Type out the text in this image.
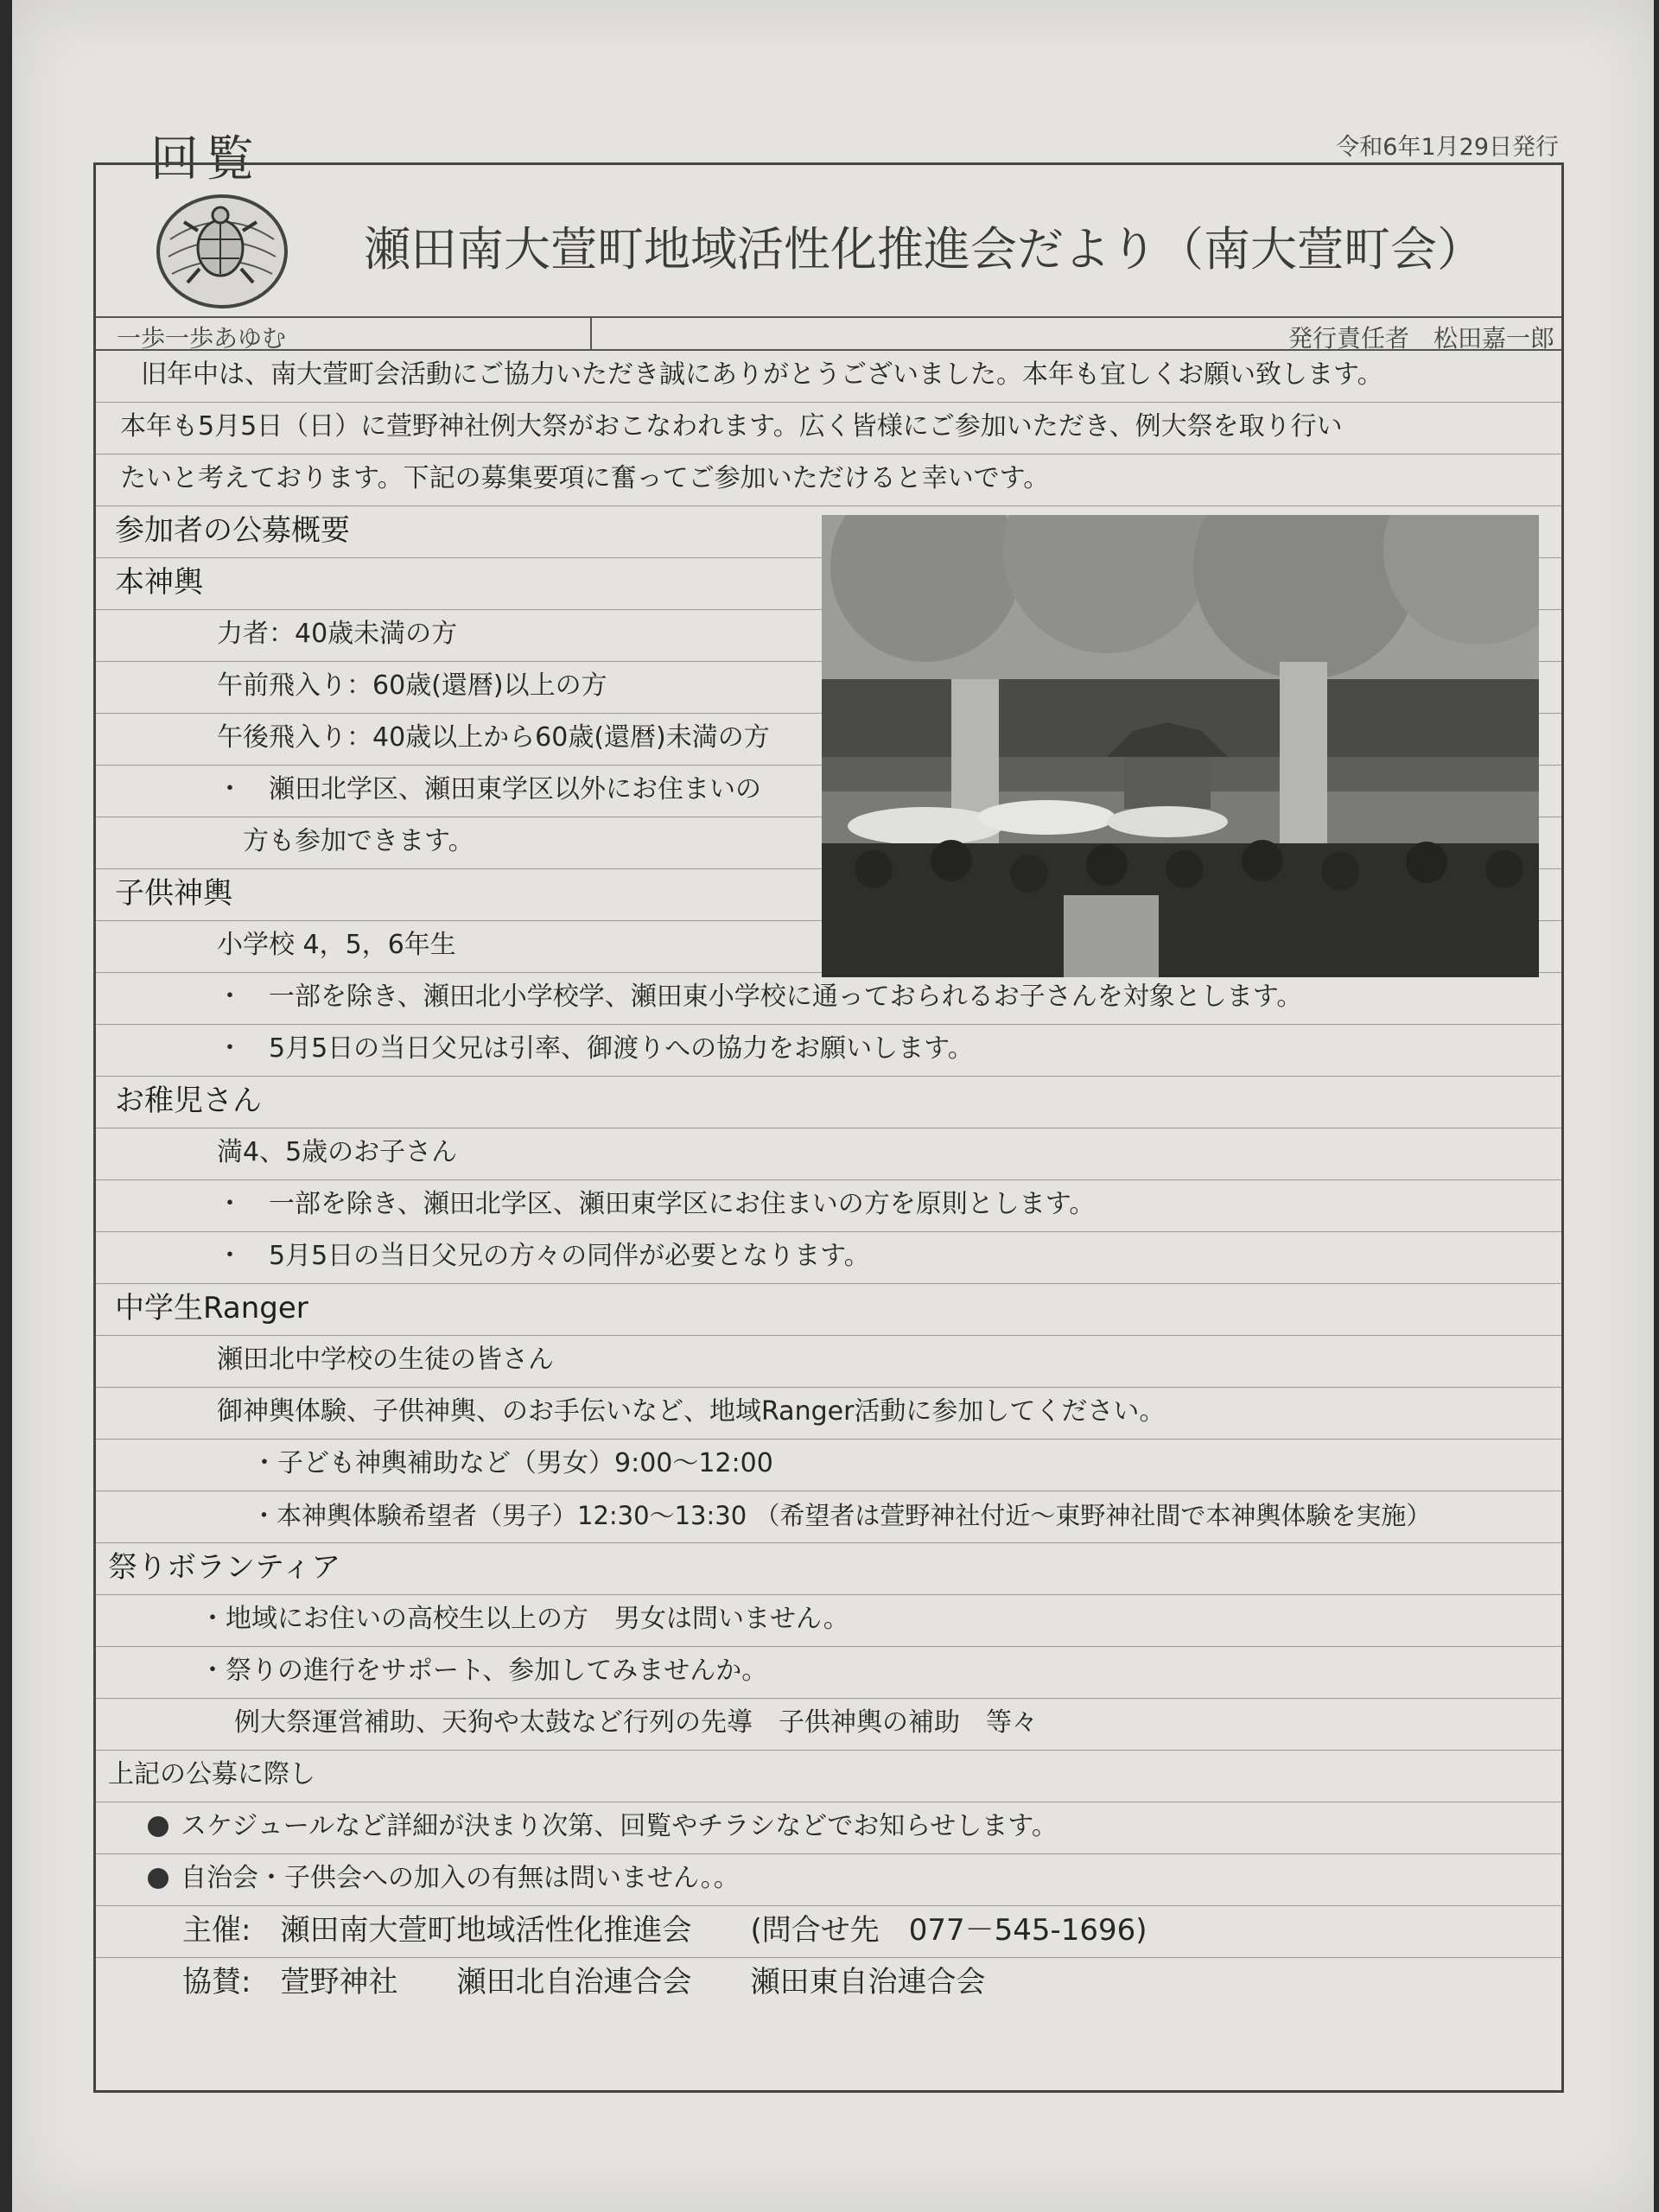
回覧	令和6年1月29日発行
瀬田南大萱町地域活性化推進会だより（南大萱町会）
一歩一歩あゆむ	発行責任者　松田嘉一郎
旧年中は、南大萱町会活動にご協力いただき誠にありがとうございました。本年も宜しくお願い致します。
本年も5月5日（日）に萱野神社例大祭がおこなわれます。広く皆様にご参加いただき、例大祭を取り行い
たいと考えております。下記の募集要項に奮ってご参加いただけると幸いです。
参加者の公募概要
本神輿
力者：40歳未満の方
午前飛入り：60歳(還暦)以上の方
午後飛入り：40歳以上から60歳(還暦)未満の方
・　瀬田北学区、瀬田東学区以外にお住まいの
方も参加できます。
子供神輿
小学校 4，5，6年生
・　一部を除き、瀬田北小学校学、瀬田東小学校に通っておられるお子さんを対象とします。
・　5月5日の当日父兄は引率、御渡りへの協力をお願いします。
お稚児さん
満4、5歳のお子さん
・　一部を除き、瀬田北学区、瀬田東学区にお住まいの方を原則とします。
・　5月5日の当日父兄の方々の同伴が必要となります。
中学生Ranger
瀬田北中学校の生徒の皆さん
御神輿体験、子供神輿、のお手伝いなど、地域Ranger活動に参加してください。
・子ども神輿補助など（男女）9:00～12:00
・本神輿体験希望者（男子）12:30～13:30 （希望者は萱野神社付近～東野神社間で本神輿体験を実施）
祭りボランティア
・地域にお住いの高校生以上の方　男女は問いません。
・祭りの進行をサポート、参加してみませんか。
例大祭運営補助、天狗や太鼓など行列の先導　子供神輿の補助　等々
上記の公募に際し
スケジュールなど詳細が決まり次第、回覧やチラシなどでお知らせします。
自治会・子供会への加入の有無は問いません。。
主催:　瀬田南大萱町地域活性化推進会　　(問合せ先　077－545-1696)
協賛:　萱野神社　　瀬田北自治連合会　　瀬田東自治連合会
